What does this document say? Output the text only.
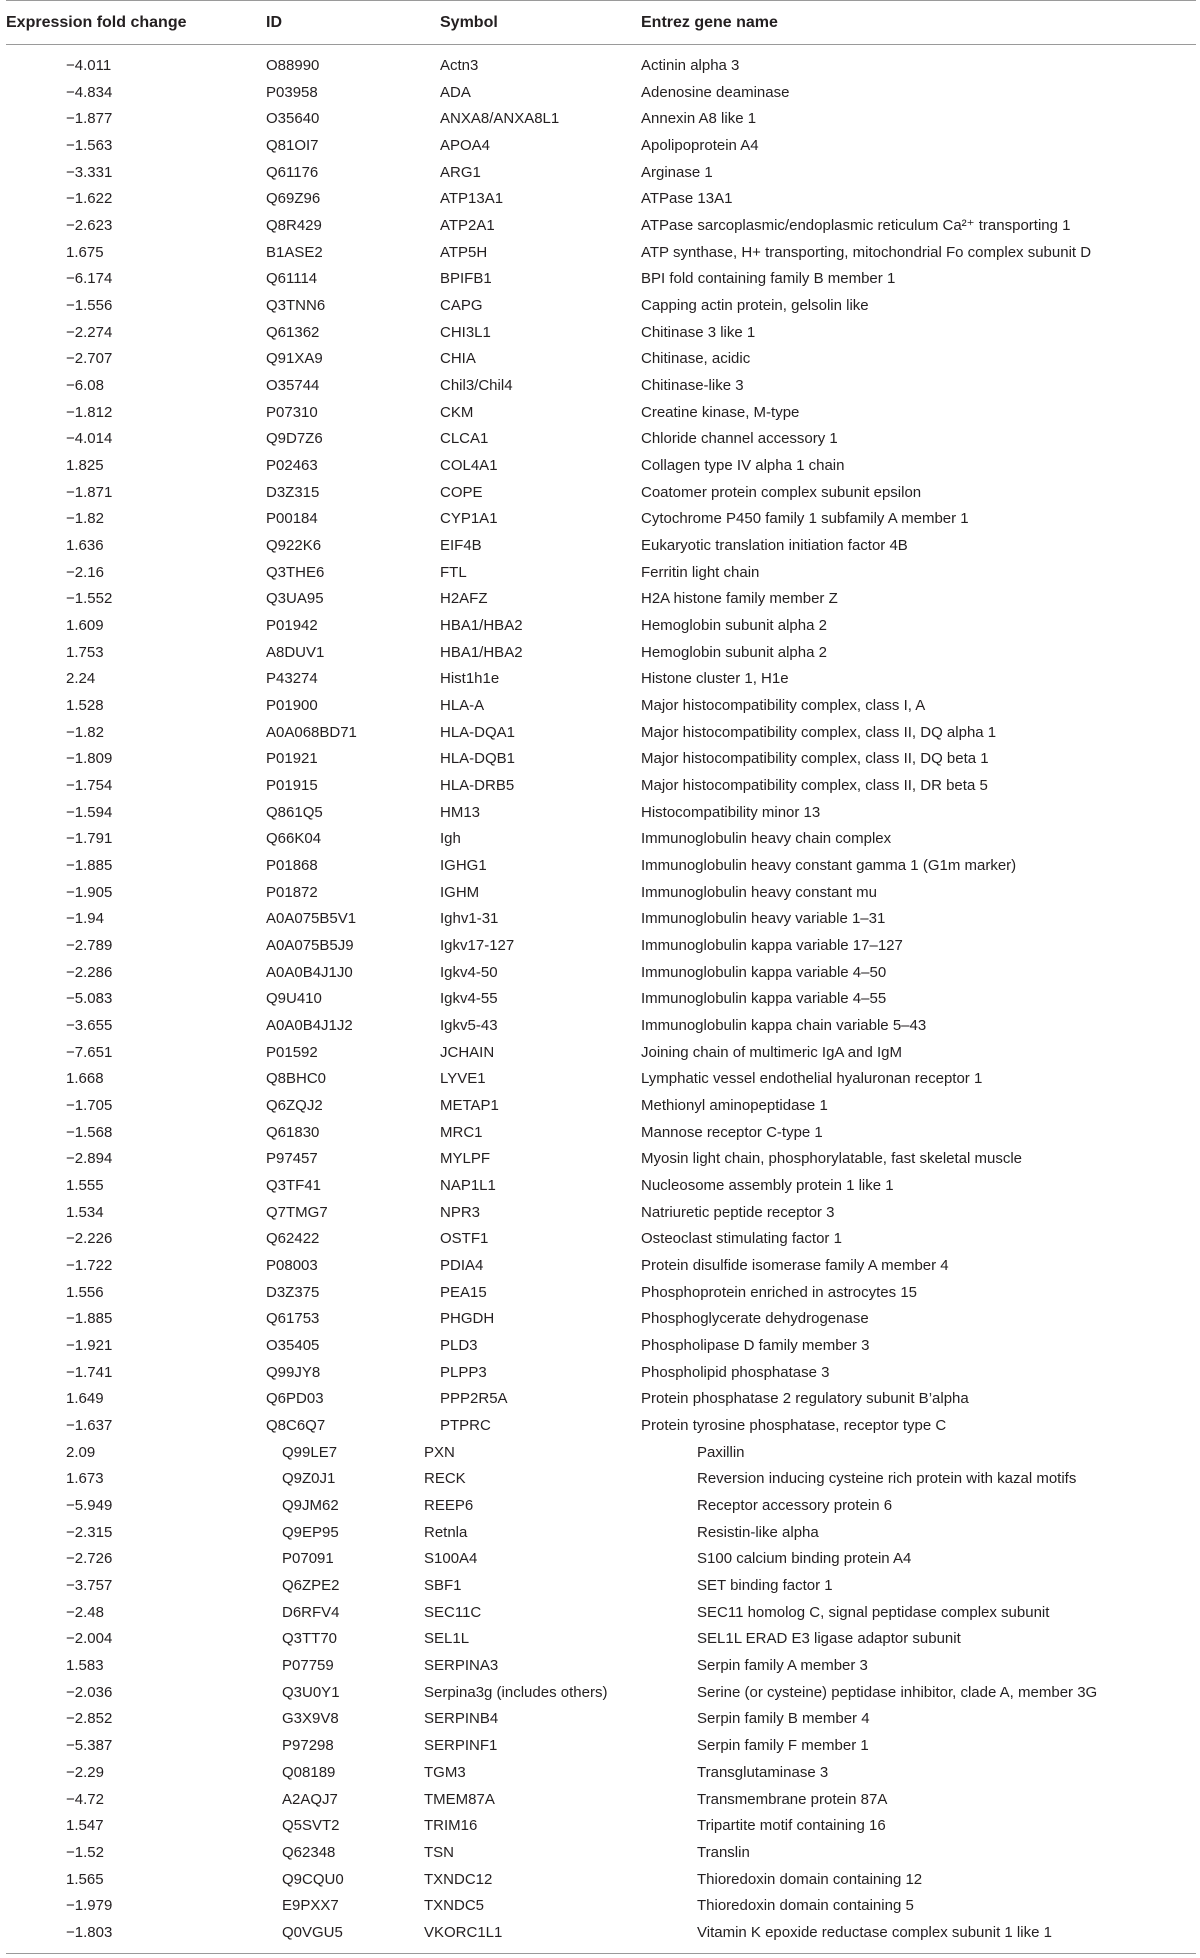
Expression fold change	ID	Symbol	Entrez gene name
−4.011	O88990	Actn3	Actinin alpha 3
−4.834	P03958	ADA	Adenosine deaminase
−1.877	O35640	ANXA8/ANXA8L1	Annexin A8 like 1
−1.563	Q81OI7	APOA4	Apolipoprotein A4
−3.331	Q61176	ARG1	Arginase 1
−1.622	Q69Z96	ATP13A1	ATPase 13A1
−2.623	Q8R429	ATP2A1	ATPase sarcoplasmic/endoplasmic reticulum Ca²⁺ transporting 1
1.675	B1ASE2	ATP5H	ATP synthase, H+ transporting, mitochondrial Fo complex subunit D
−6.174	Q61114	BPIFB1	BPI fold containing family B member 1
−1.556	Q3TNN6	CAPG	Capping actin protein, gelsolin like
−2.274	Q61362	CHI3L1	Chitinase 3 like 1
−2.707	Q91XA9	CHIA	Chitinase, acidic
−6.08	O35744	Chil3/Chil4	Chitinase-like 3
−1.812	P07310	CKM	Creatine kinase, M-type
−4.014	Q9D7Z6	CLCA1	Chloride channel accessory 1
1.825	P02463	COL4A1	Collagen type IV alpha 1 chain
−1.871	D3Z315	COPE	Coatomer protein complex subunit epsilon
−1.82	P00184	CYP1A1	Cytochrome P450 family 1 subfamily A member 1
1.636	Q922K6	EIF4B	Eukaryotic translation initiation factor 4B
−2.16	Q3THE6	FTL	Ferritin light chain
−1.552	Q3UA95	H2AFZ	H2A histone family member Z
1.609	P01942	HBA1/HBA2	Hemoglobin subunit alpha 2
1.753	A8DUV1	HBA1/HBA2	Hemoglobin subunit alpha 2
2.24	P43274	Hist1h1e	Histone cluster 1, H1e
1.528	P01900	HLA-A	Major histocompatibility complex, class I, A
−1.82	A0A068BD71	HLA-DQA1	Major histocompatibility complex, class II, DQ alpha 1
−1.809	P01921	HLA-DQB1	Major histocompatibility complex, class II, DQ beta 1
−1.754	P01915	HLA-DRB5	Major histocompatibility complex, class II, DR beta 5
−1.594	Q861Q5	HM13	Histocompatibility minor 13
−1.791	Q66K04	Igh	Immunoglobulin heavy chain complex
−1.885	P01868	IGHG1	Immunoglobulin heavy constant gamma 1 (G1m marker)
−1.905	P01872	IGHM	Immunoglobulin heavy constant mu
−1.94	A0A075B5V1	Ighv1-31	Immunoglobulin heavy variable 1–31
−2.789	A0A075B5J9	Igkv17-127	Immunoglobulin kappa variable 17–127
−2.286	A0A0B4J1J0	Igkv4-50	Immunoglobulin kappa variable 4–50
−5.083	Q9U410	Igkv4-55	Immunoglobulin kappa variable 4–55
−3.655	A0A0B4J1J2	Igkv5-43	Immunoglobulin kappa chain variable 5–43
−7.651	P01592	JCHAIN	Joining chain of multimeric IgA and IgM
1.668	Q8BHC0	LYVE1	Lymphatic vessel endothelial hyaluronan receptor 1
−1.705	Q6ZQJ2	METAP1	Methionyl aminopeptidase 1
−1.568	Q61830	MRC1	Mannose receptor C-type 1
−2.894	P97457	MYLPF	Myosin light chain, phosphorylatable, fast skeletal muscle
1.555	Q3TF41	NAP1L1	Nucleosome assembly protein 1 like 1
1.534	Q7TMG7	NPR3	Natriuretic peptide receptor 3
−2.226	Q62422	OSTF1	Osteoclast stimulating factor 1
−1.722	P08003	PDIA4	Protein disulfide isomerase family A member 4
1.556	D3Z375	PEA15	Phosphoprotein enriched in astrocytes 15
−1.885	Q61753	PHGDH	Phosphoglycerate dehydrogenase
−1.921	O35405	PLD3	Phospholipase D family member 3
−1.741	Q99JY8	PLPP3	Phospholipid phosphatase 3
1.649	Q6PD03	PPP2R5A	Protein phosphatase 2 regulatory subunit B’alpha
−1.637	Q8C6Q7	PTPRC	Protein tyrosine phosphatase, receptor type C
2.09	Q99LE7	PXN	Paxillin
1.673	Q9Z0J1	RECK	Reversion inducing cysteine rich protein with kazal motifs
−5.949	Q9JM62	REEP6	Receptor accessory protein 6
−2.315	Q9EP95	Retnla	Resistin-like alpha
−2.726	P07091	S100A4	S100 calcium binding protein A4
−3.757	Q6ZPE2	SBF1	SET binding factor 1
−2.48	D6RFV4	SEC11C	SEC11 homolog C, signal peptidase complex subunit
−2.004	Q3TT70	SEL1L	SEL1L ERAD E3 ligase adaptor subunit
1.583	P07759	SERPINA3	Serpin family A member 3
−2.036	Q3U0Y1	Serpina3g (includes others)	Serine (or cysteine) peptidase inhibitor, clade A, member 3G
−2.852	G3X9V8	SERPINB4	Serpin family B member 4
−5.387	P97298	SERPINF1	Serpin family F member 1
−2.29	Q08189	TGM3	Transglutaminase 3
−4.72	A2AQJ7	TMEM87A	Transmembrane protein 87A
1.547	Q5SVT2	TRIM16	Tripartite motif containing 16
−1.52	Q62348	TSN	Translin
1.565	Q9CQU0	TXNDC12	Thioredoxin domain containing 12
−1.979	E9PXX7	TXNDC5	Thioredoxin domain containing 5
−1.803	Q0VGU5	VKORC1L1	Vitamin K epoxide reductase complex subunit 1 like 1
